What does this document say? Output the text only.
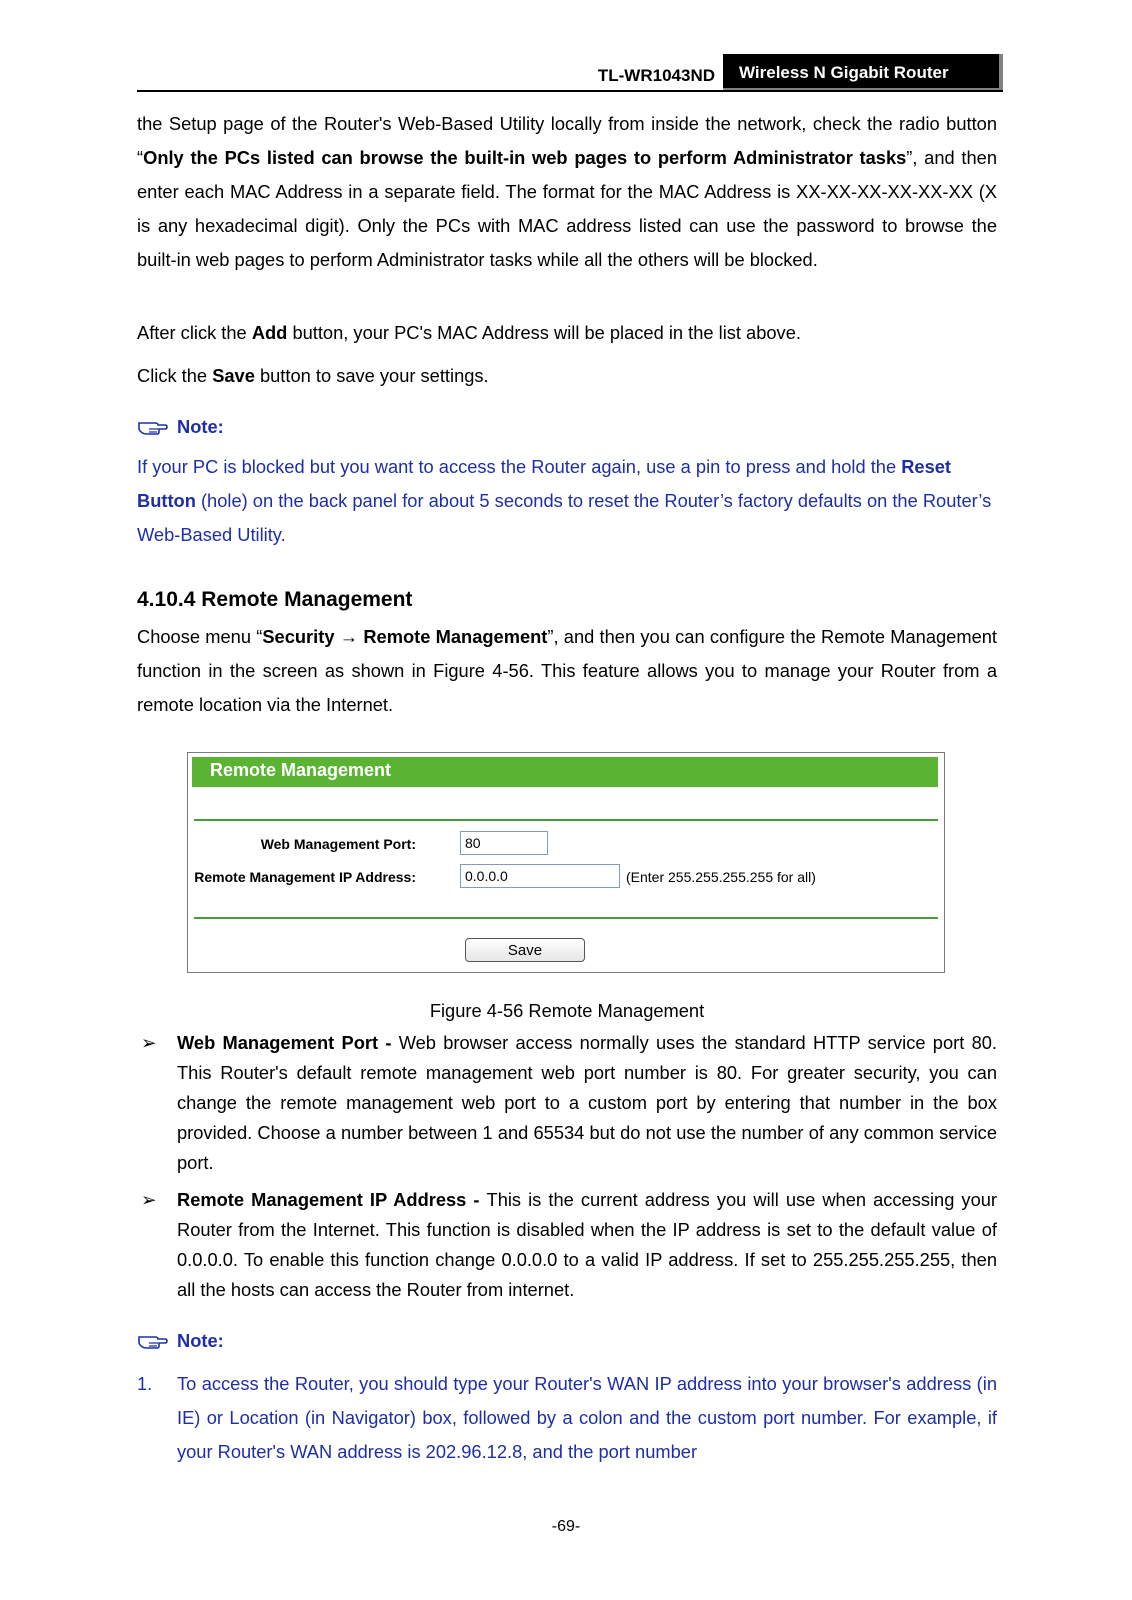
TL-WR1043ND Wireless N Gigabit Router

the Setup page of the Router's Web-Based Utility locally from inside the network, check the radio button “Only the PCs listed can browse the built-in web pages to perform Administrator tasks”, and then enter each MAC Address in a separate field. The format for the MAC Address is XX-XX-XX-XX-XX-XX (X is any hexadecimal digit). Only the PCs with MAC address listed can use the password to browse the built-in web pages to perform Administrator tasks while all the others will be blocked.

After click the Add button, your PC's MAC Address will be placed in the list above.

Click the Save button to save your settings.

Note:

If your PC is blocked but you want to access the Router again, use a pin to press and hold the Reset Button (hole) on the back panel for about 5 seconds to reset the Router’s factory defaults on the Router’s Web-Based Utility.

4.10.4 Remote Management

Choose menu “Security → Remote Management”, and then you can configure the Remote Management function in the screen as shown in Figure 4-56. This feature allows you to manage your Router from a remote location via the Internet.

Remote Management
Web Management Port:
80
Remote Management IP Address:
0.0.0.0	(Enter 255.255.255.255 for all)
Save
Figure 4-56 Remote Management
➢ Web Management Port - Web browser access normally uses the standard HTTP service port 80. This Router's default remote management web port number is 80. For greater security, you can change the remote management web port to a custom port by entering that number in the box provided. Choose a number between 1 and 65534 but do not use the number of any common service port.
➢ Remote Management IP Address - This is the current address you will use when accessing your Router from the Internet. This function is disabled when the IP address is set to the default value of 0.0.0.0. To enable this function change 0.0.0.0 to a valid IP address. If set to 255.255.255.255, then all the hosts can access the Router from internet.
Note:
1. To access the Router, you should type your Router's WAN IP address into your browser's address (in IE) or Location (in Navigator) box, followed by a colon and the custom port number. For example, if your Router's WAN address is 202.96.12.8, and the port number
-69-
